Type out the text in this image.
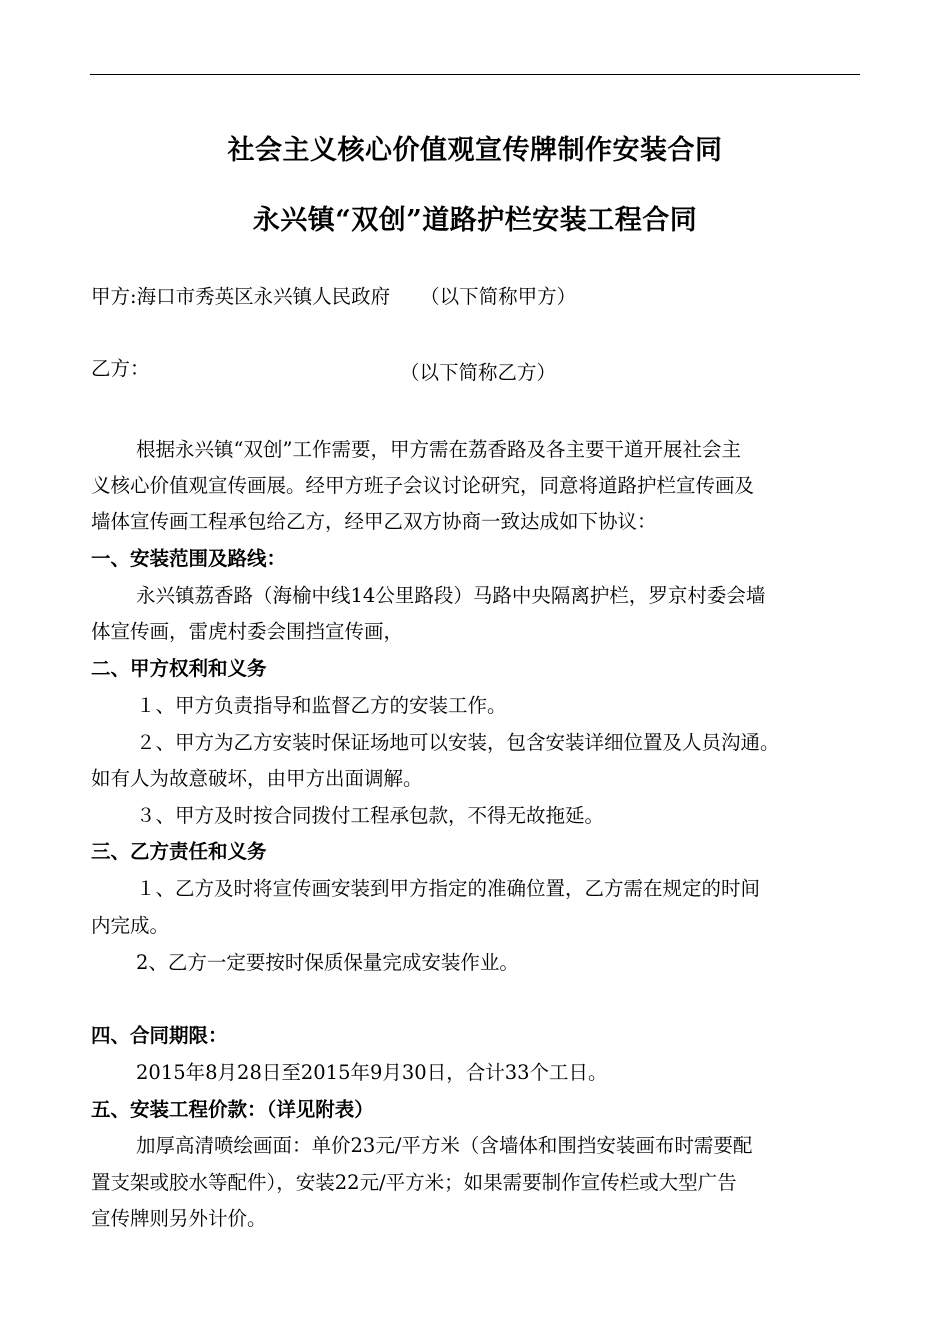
社会主义核心价值观宣传牌制作安装合同
永兴镇“双创”道路护栏安装工程合同
甲方:海口市秀英区永兴镇人民政府 （以下简称甲方）
乙方：	（以下简称乙方）
根据永兴镇“双创”工作需要，甲方需在荔香路及各主要干道开展社会主
义核心价值观宣传画展。经甲方班子会议讨论研究，同意将道路护栏宣传画及
墙体宣传画工程承包给乙方，经甲乙双方协商一致达成如下协议：
一、安装范围及路线：
永兴镇荔香路（海榆中线14公里路段）马路中央隔离护栏，罗京村委会墙
体宣传画，雷虎村委会围挡宣传画，
二、甲方权利和义务
１、甲方负责指导和监督乙方的安装工作。
２、甲方为乙方安装时保证场地可以安装，包含安装详细位置及人员沟通。
如有人为故意破坏，由甲方出面调解。
３、甲方及时按合同拨付工程承包款，不得无故拖延。
三、乙方责任和义务
１、乙方及时将宣传画安装到甲方指定的准确位置，乙方需在规定的时间
内完成。
2、乙方一定要按时保质保量完成安装作业。
四、合同期限：
2015年8月28日至2015年9月30日，合计33个工日。
五、安装工程价款：（详见附表）
加厚高清喷绘画面：单价23元/平方米（含墙体和围挡安装画布时需要配
置支架或胶水等配件），安装22元/平方米；如果需要制作宣传栏或大型广告
宣传牌则另外计价。
